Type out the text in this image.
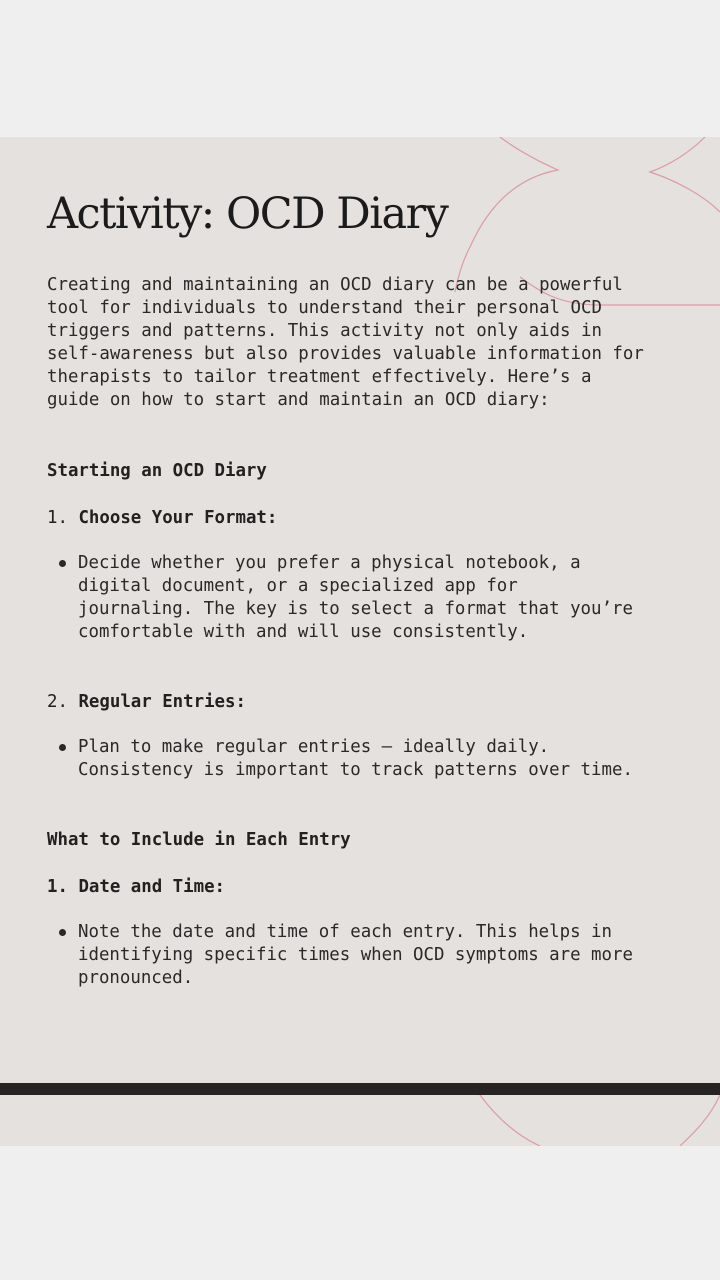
Activity: OCD Diary

Creating and maintaining an OCD diary can be a powerful tool for individuals to understand their personal OCD triggers and patterns. This activity not only aids in self-awareness but also provides valuable information for therapists to tailor treatment effectively. Here’s a guide on how to start and maintain an OCD diary:

Starting an OCD Diary

1. Choose Your Format:

Decide whether you prefer a physical notebook, a digital document, or a specialized app for journaling. The key is to select a format that you’re comfortable with and will use consistently.

2. Regular Entries:

Plan to make regular entries – ideally daily. Consistency is important to track patterns over time.

What to Include in Each Entry

1. Date and Time:

Note the date and time of each entry. This helps in identifying specific times when OCD symptoms are more pronounced.
